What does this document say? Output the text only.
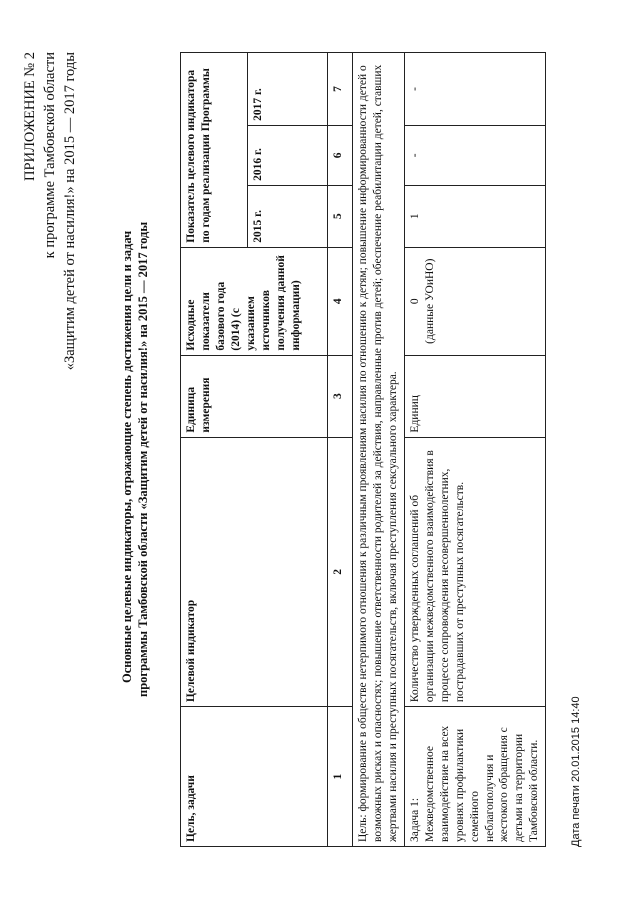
ПРИЛОЖЕНИЕ № 2 к программе Тамбовской области «Защитим детей от насилия!» на 2015 — 2017 годы
Основные целевые индикаторы, отражающие степень достижения цели и задач программы Тамбовской области «Защитим детей от насилия!» на 2015 — 2017 годы
Цель, задачи	Целевой индикатор	Единица измерения	Исходные показатели базового года (2014) (с указанием источников получения данной информации)	Показатель целевого индикатора по годам реализации Программы		
				2015 г.	2016 г.	2017 г.
1	2	3	4	5	6	7
Цель: формирование в обществе нетерпимого отношения к различным проявлениям насилия по отношению к детям; повышение информированности детей о возможных рисках и опасностях; повышение ответственности родителей за действия, направленные против детей; обеспечение реабилитации детей, ставших жертвами насилия и преступных посягательств, включая преступления сексуального характера.						
Задача 1: Межведомственное взаимодействие на всех уровнях профилактики семейного неблагополучия и жестокого обращения с детьми на территории Тамбовской области.	Количество утвержденных соглашений об организации межведомственного взаимодействия в процессе сопровождения несовершеннолетних, пострадавших от преступных посягательств.	Единиц	0 (данные УОиНО)	1	-	-
Дата печати 20.01.2015 14:40
